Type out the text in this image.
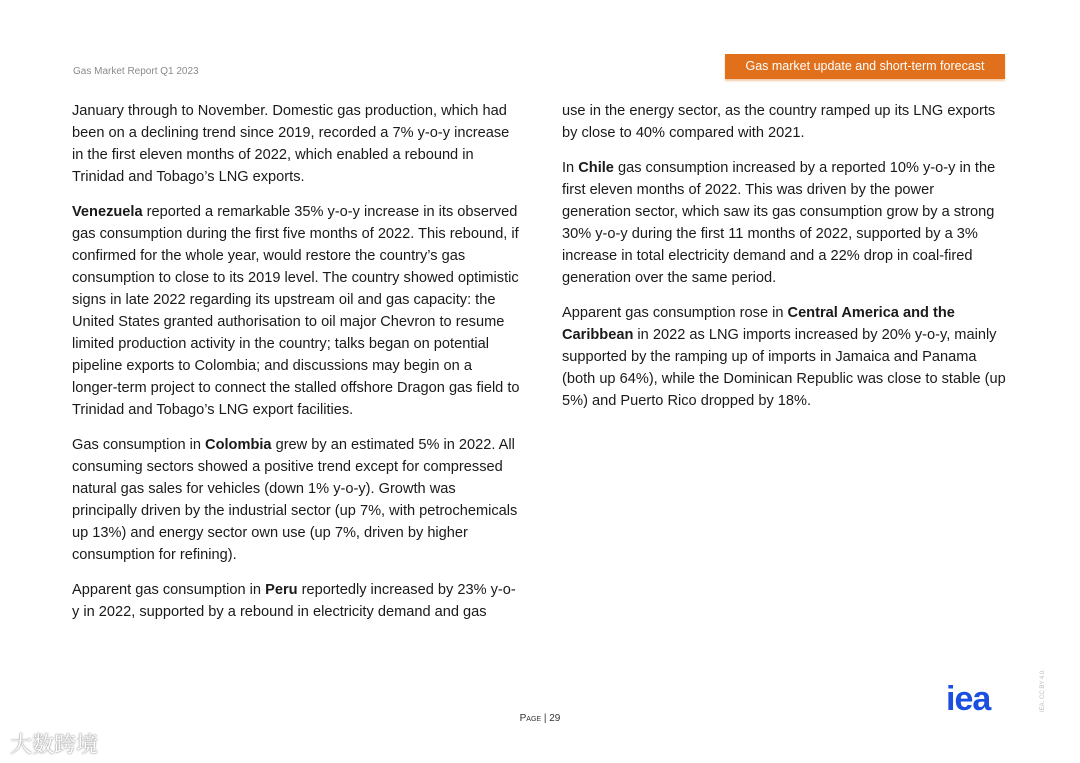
Gas Market Report Q1 2023	Gas market update and short-term forecast

January through to November. Domestic gas production, which had been on a declining trend since 2019, recorded a 7% y-o-y increase in the first eleven months of 2022, which enabled a rebound in Trinidad and Tobago’s LNG exports.

Venezuela reported a remarkable 35% y-o-y increase in its observed gas consumption during the first five months of 2022. This rebound, if confirmed for the whole year, would restore the country’s gas consumption to close to its 2019 level. The country showed optimistic signs in late 2022 regarding its upstream oil and gas capacity: the United States granted authorisation to oil major Chevron to resume limited production activity in the country; talks began on potential pipeline exports to Colombia; and discussions may begin on a longer-term project to connect the stalled offshore Dragon gas field to Trinidad and Tobago’s LNG export facilities.

Gas consumption in Colombia grew by an estimated 5% in 2022. All consuming sectors showed a positive trend except for compressed natural gas sales for vehicles (down 1% y-o-y). Growth was principally driven by the industrial sector (up 7%, with petrochemicals up 13%) and energy sector own use (up 7%, driven by higher consumption for refining).

Apparent gas consumption in Peru reportedly increased by 23% y-o-y in 2022, supported by a rebound in electricity demand and gas

use in the energy sector, as the country ramped up its LNG exports by close to 40% compared with 2021.

In Chile gas consumption increased by a reported 10% y-o-y in the first eleven months of 2022. This was driven by the power generation sector, which saw its gas consumption grow by a strong 30% y-o-y during the first 11 months of 2022, supported by a 3% increase in total electricity demand and a 22% drop in coal-fired generation over the same period.

Apparent gas consumption rose in Central America and the Caribbean in 2022 as LNG imports increased by 20% y-o-y, mainly supported by the ramping up of imports in Jamaica and Panama (both up 64%), while the Dominican Republic was close to stable (up 5%) and Puerto Rico dropped by 18%.

Page | 29
iea	IEA. CC BY 4.0.
大数跨境
